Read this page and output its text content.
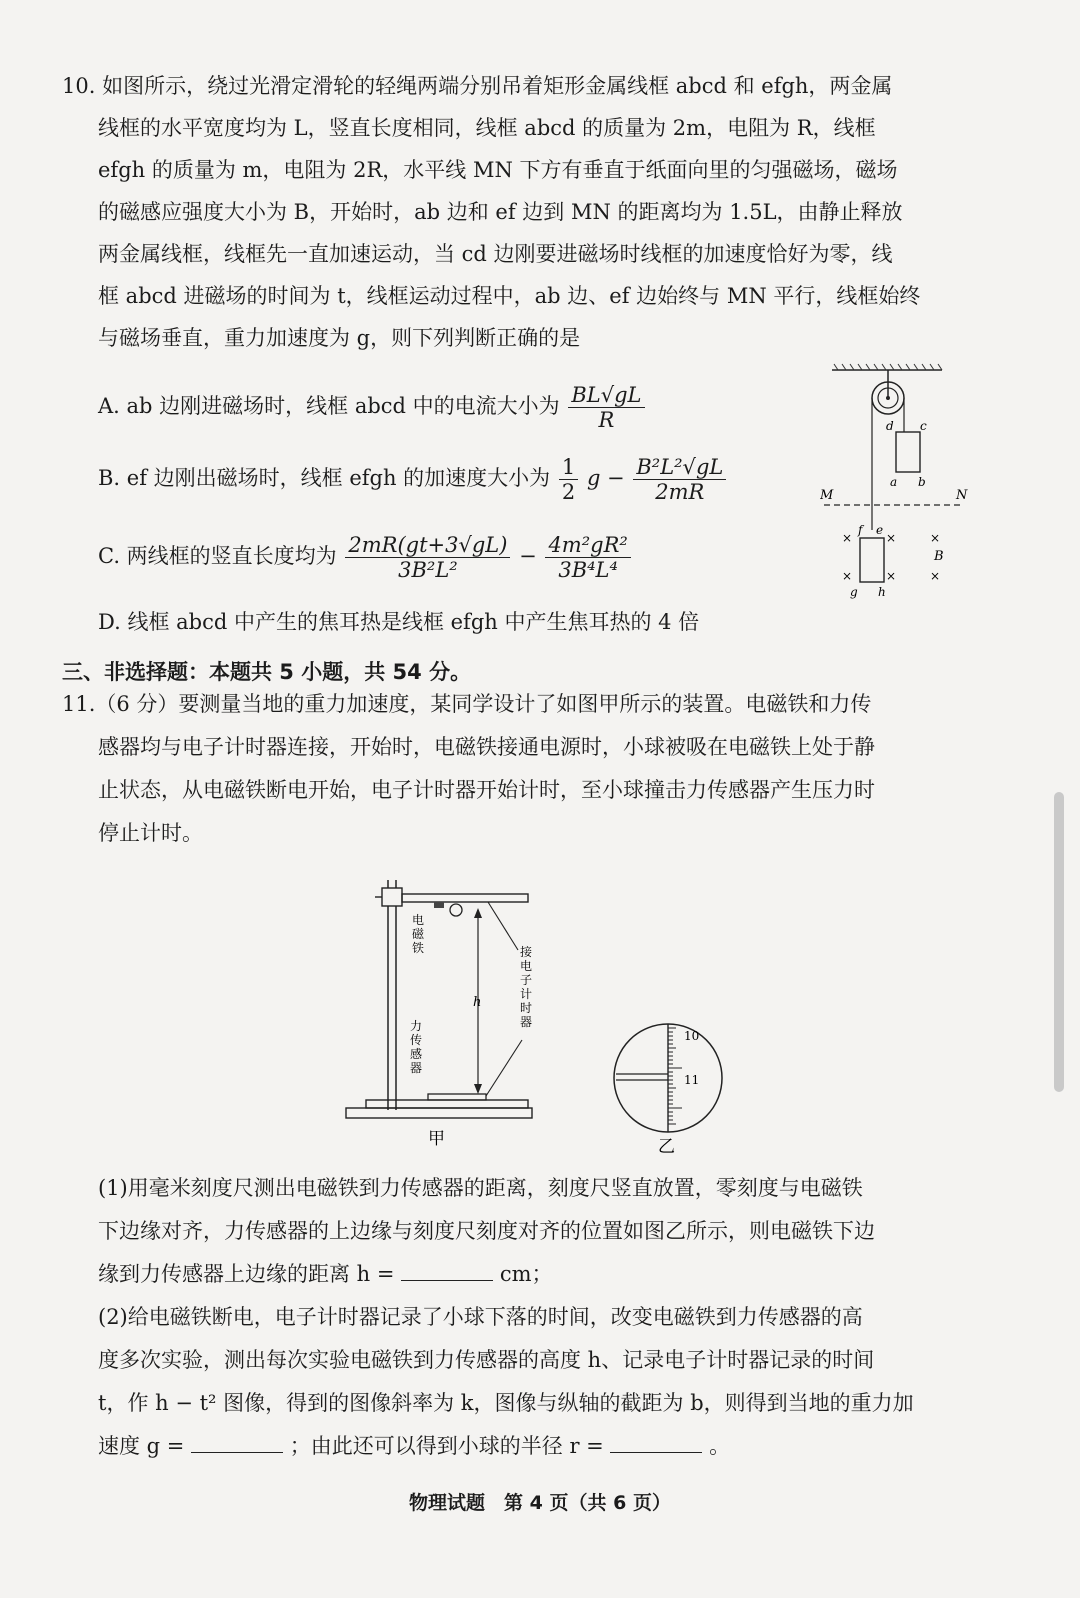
10. 如图所示，绕过光滑定滑轮的轻绳两端分别吊着矩形金属线框 abcd 和 efgh，两金属
线框的水平宽度均为 L，竖直长度相同，线框 abcd 的质量为 2m，电阻为 R，线框
efgh 的质量为 m，电阻为 2R，水平线 MN 下方有垂直于纸面向里的匀强磁场，磁场
的磁感应强度大小为 B，开始时，ab 边和 ef 边到 MN 的距离均为 1.5L，由静止释放
两金属线框，线框先一直加速运动，当 cd 边刚要进磁场时线框的加速度恰好为零，线
框 abcd 进磁场的时间为 t，线框运动过程中，ab 边、ef 边始终与 MN 平行，线框始终
与磁场垂直，重力加速度为 g，则下列判断正确的是
A. ab 边刚进磁场时，线框 abcd 中的电流大小为 $\frac{BL√gL}{R}$
B. ef 边刚出磁场时，线框 efgh 的加速度大小为 $\frac{1}{2}$ $g - \frac{\text{B²L²√gL}}{2mR}$
C. 两线框的竖直长度均为 $\frac{2mR(gt+3√gL)}{\text{3B²L²}} - \frac{\text{4m²gR²}}{\text{3B⁴L⁴}}$
D. 线框 abcd 中产生的焦耳热是线框 efgh 中产生焦耳热的 4 倍
d c
a b
M	N
f e
g h
B
×	×	×
×	×	×
三、非选择题：本题共 5 小题，共 54 分。
11.（6 分）要测量当地的重力加速度，某同学设计了如图甲所示的装置。电磁铁和力传
感器均与电子计时器连接，开始时，电磁铁接通电源时，小球被吸在电磁铁上处于静
止状态，从电磁铁断电开始，电子计时器开始计时，至小球撞击力传感器产生压力时
停止计时。
电
磁
铁
h
接
电
子
计
时
器
力
传
感
器
甲
10
11
乙
(1)用毫米刻度尺测出电磁铁到力传感器的距离，刻度尺竖直放置，零刻度与电磁铁
下边缘对齐，力传感器的上边缘与刻度尺刻度对齐的位置如图乙所示，则电磁铁下边
缘到力传感器上边缘的距离 h =	cm；
(2)给电磁铁断电，电子计时器记录了小球下落的时间，改变电磁铁到力传感器的高
度多次实验，测出每次实验电磁铁到力传感器的高度 h、记录电子计时器记录的时间
t，作 h − t² 图像，得到的图像斜率为 k，图像与纵轴的截距为 b，则得到当地的重力加
速度 g =	；由此还可以得到小球的半径 r =	。
物理试题　第 4 页（共 6 页）
